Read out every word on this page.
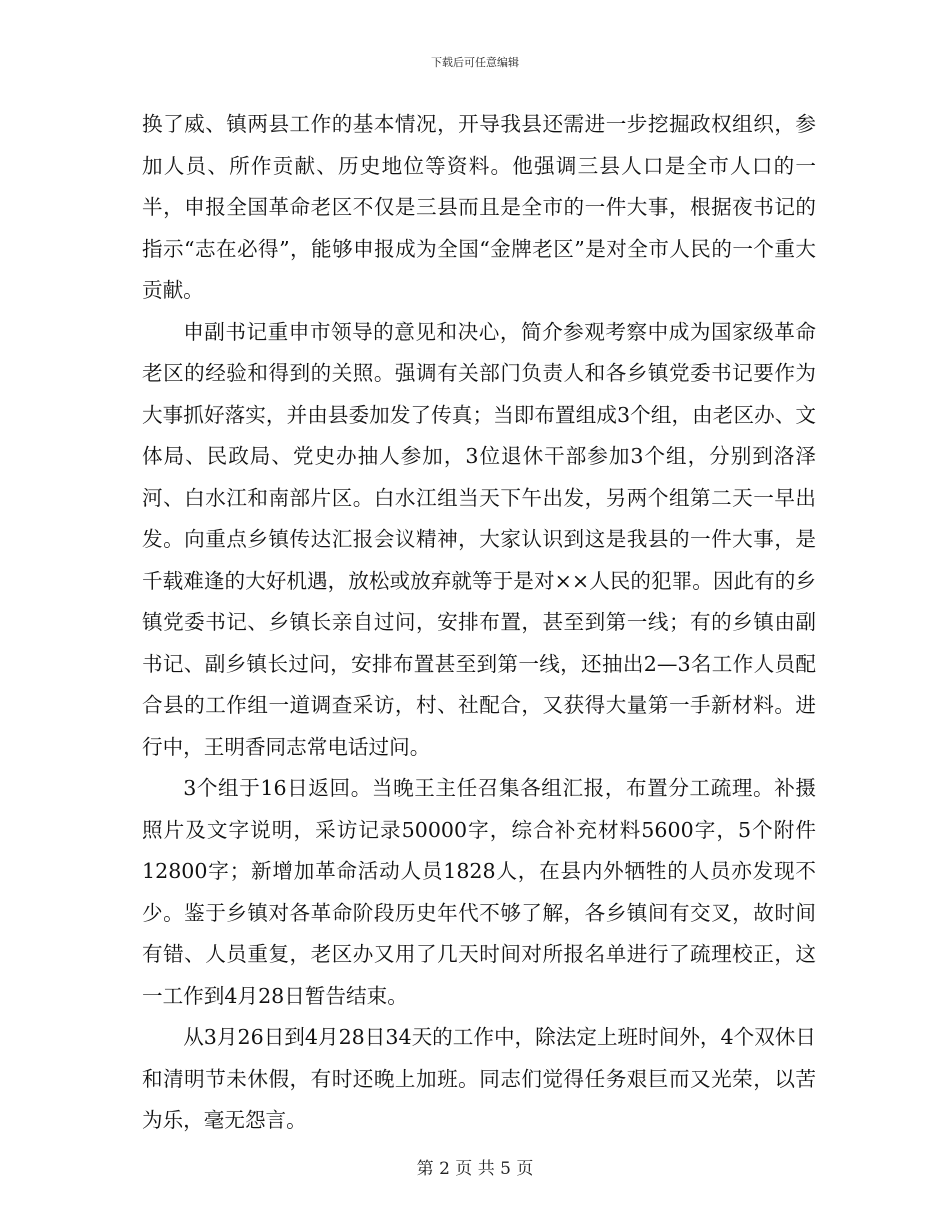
下载后可任意编辑

换了威、镇两县工作的基本情况，开导我县还需进一步挖掘政权组织，参加人员、所作贡献、历史地位等资料。他强调三县人口是全市人口的一半，申报全国革命老区不仅是三县而且是全市的一件大事，根据夜书记的指示“志在必得”，能够申报成为全国“金牌老区”是对全市人民的一个重大贡献。

申副书记重申市领导的意见和决心，简介参观考察中成为国家级革命老区的经验和得到的关照。强调有关部门负责人和各乡镇党委书记要作为大事抓好落实，并由县委加发了传真；当即布置组成3个组，由老区办、文体局、民政局、党史办抽人参加，3位退休干部参加3个组，分别到洛泽河、白水江和南部片区。白水江组当天下午出发，另两个组第二天一早出发。向重点乡镇传达汇报会议精神，大家认识到这是我县的一件大事，是千载难逢的大好机遇，放松或放弃就等于是对××人民的犯罪。因此有的乡镇党委书记、乡镇长亲自过问，安排布置，甚至到第一线；有的乡镇由副书记、副乡镇长过问，安排布置甚至到第一线，还抽出2—3名工作人员配合县的工作组一道调查采访，村、社配合，又获得大量第一手新材料。进行中，王明香同志常电话过问。

3个组于16日返回。当晚王主任召集各组汇报，布置分工疏理。补摄照片及文字说明，采访记录50000字，综合补充材料5600字，5个附件12800字；新增加革命活动人员1828人，在县内外牺牲的人员亦发现不少。鉴于乡镇对各革命阶段历史年代不够了解，各乡镇间有交叉，故时间有错、人员重复，老区办又用了几天时间对所报名单进行了疏理校正，这一工作到4月28日暂告结束。

从3月26日到4月28日34天的工作中，除法定上班时间外，4个双休日和清明节未休假，有时还晚上加班。同志们觉得任务艰巨而又光荣，以苦为乐，毫无怨言。

第 2 页 共 5 页
